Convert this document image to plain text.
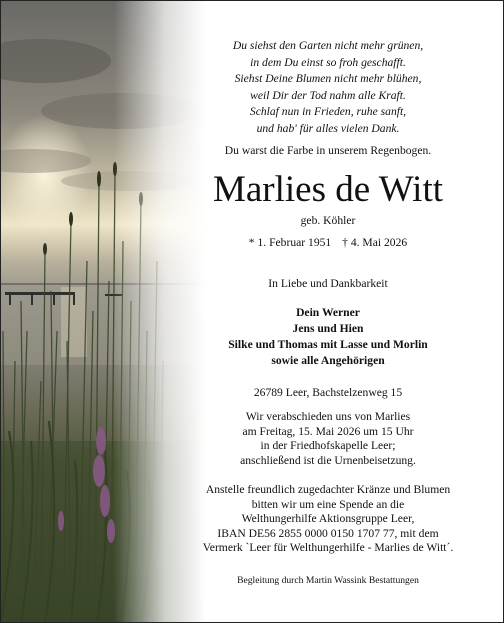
Du siehst den Garten nicht mehr grünen,
in dem Du einst so froh geschafft.
Siehst Deine Blumen nicht mehr blühen,
weil Dir der Tod nahm alle Kraft.
Schlaf nun in Frieden, ruhe sanft,
und hab' für alles vielen Dank.
Du warst die Farbe in unserem Regenbogen.
Marlies de Witt
geb. Köhler
* 1. Februar 1951 † 4. Mai 2026
In Liebe und Dankbarkeit
Dein Werner
Jens und Hien
Silke und Thomas mit Lasse und Morlin
sowie alle Angehörigen
26789 Leer, Bachstelzenweg 15
Wir verabschieden uns von Marlies
am Freitag, 15. Mai 2026 um 15 Uhr
in der Friedhofskapelle Leer;
anschließend ist die Urnenbeisetzung.
Anstelle freundlich zugedachter Kränze und Blumen
bitten wir um eine Spende an die
Welthungerhilfe Aktionsgruppe Leer,
IBAN DE56 2855 0000 0150 1707 77, mit dem
Vermerk `Leer für Welthungerhilfe - Marlies de Witt´.
Begleitung durch Martin Wassink Bestattungen
